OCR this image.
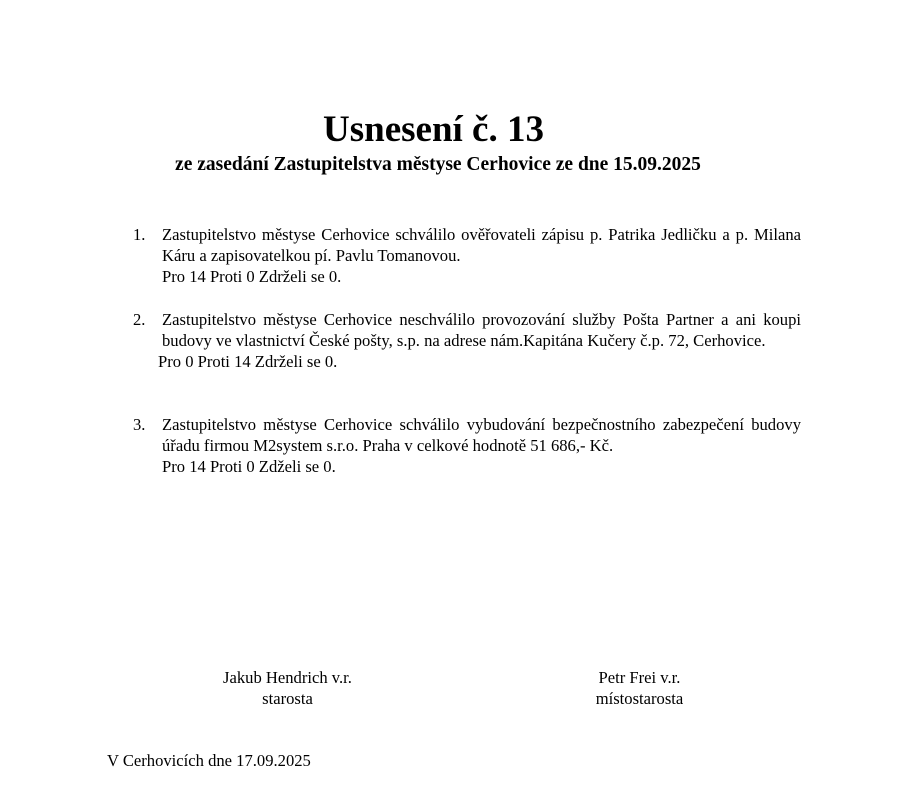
Usnesení č. 13
ze zasedání Zastupitelstva městyse Cerhovice ze dne 15.09.2025
1. Zastupitelstvo městyse Cerhovice schválilo ověřovateli zápisu p. Patrika Jedličku a p. Milana Káru a zapisovatelkou pí. Pavlu Tomanovou.
Pro 14 Proti 0 Zdrželi se 0.
2. Zastupitelstvo městyse Cerhovice neschválilo provozování služby Pošta Partner a ani koupi budovy ve vlastnictví České pošty, s.p. na adrese nám.Kapitána Kučery č.p. 72, Cerhovice.
Pro 0 Proti 14 Zdrželi se 0.
3. Zastupitelstvo městyse Cerhovice schválilo vybudování bezpečnostního zabezpečení budovy úřadu firmou M2system s.r.o. Praha v celkové hodnotě 51 686,- Kč.
Pro 14 Proti 0 Zdželi se 0.
Jakub Hendrich v.r.
starosta
Petr Frei v.r.
místostarosta
V Cerhovicích dne 17.09.2025
